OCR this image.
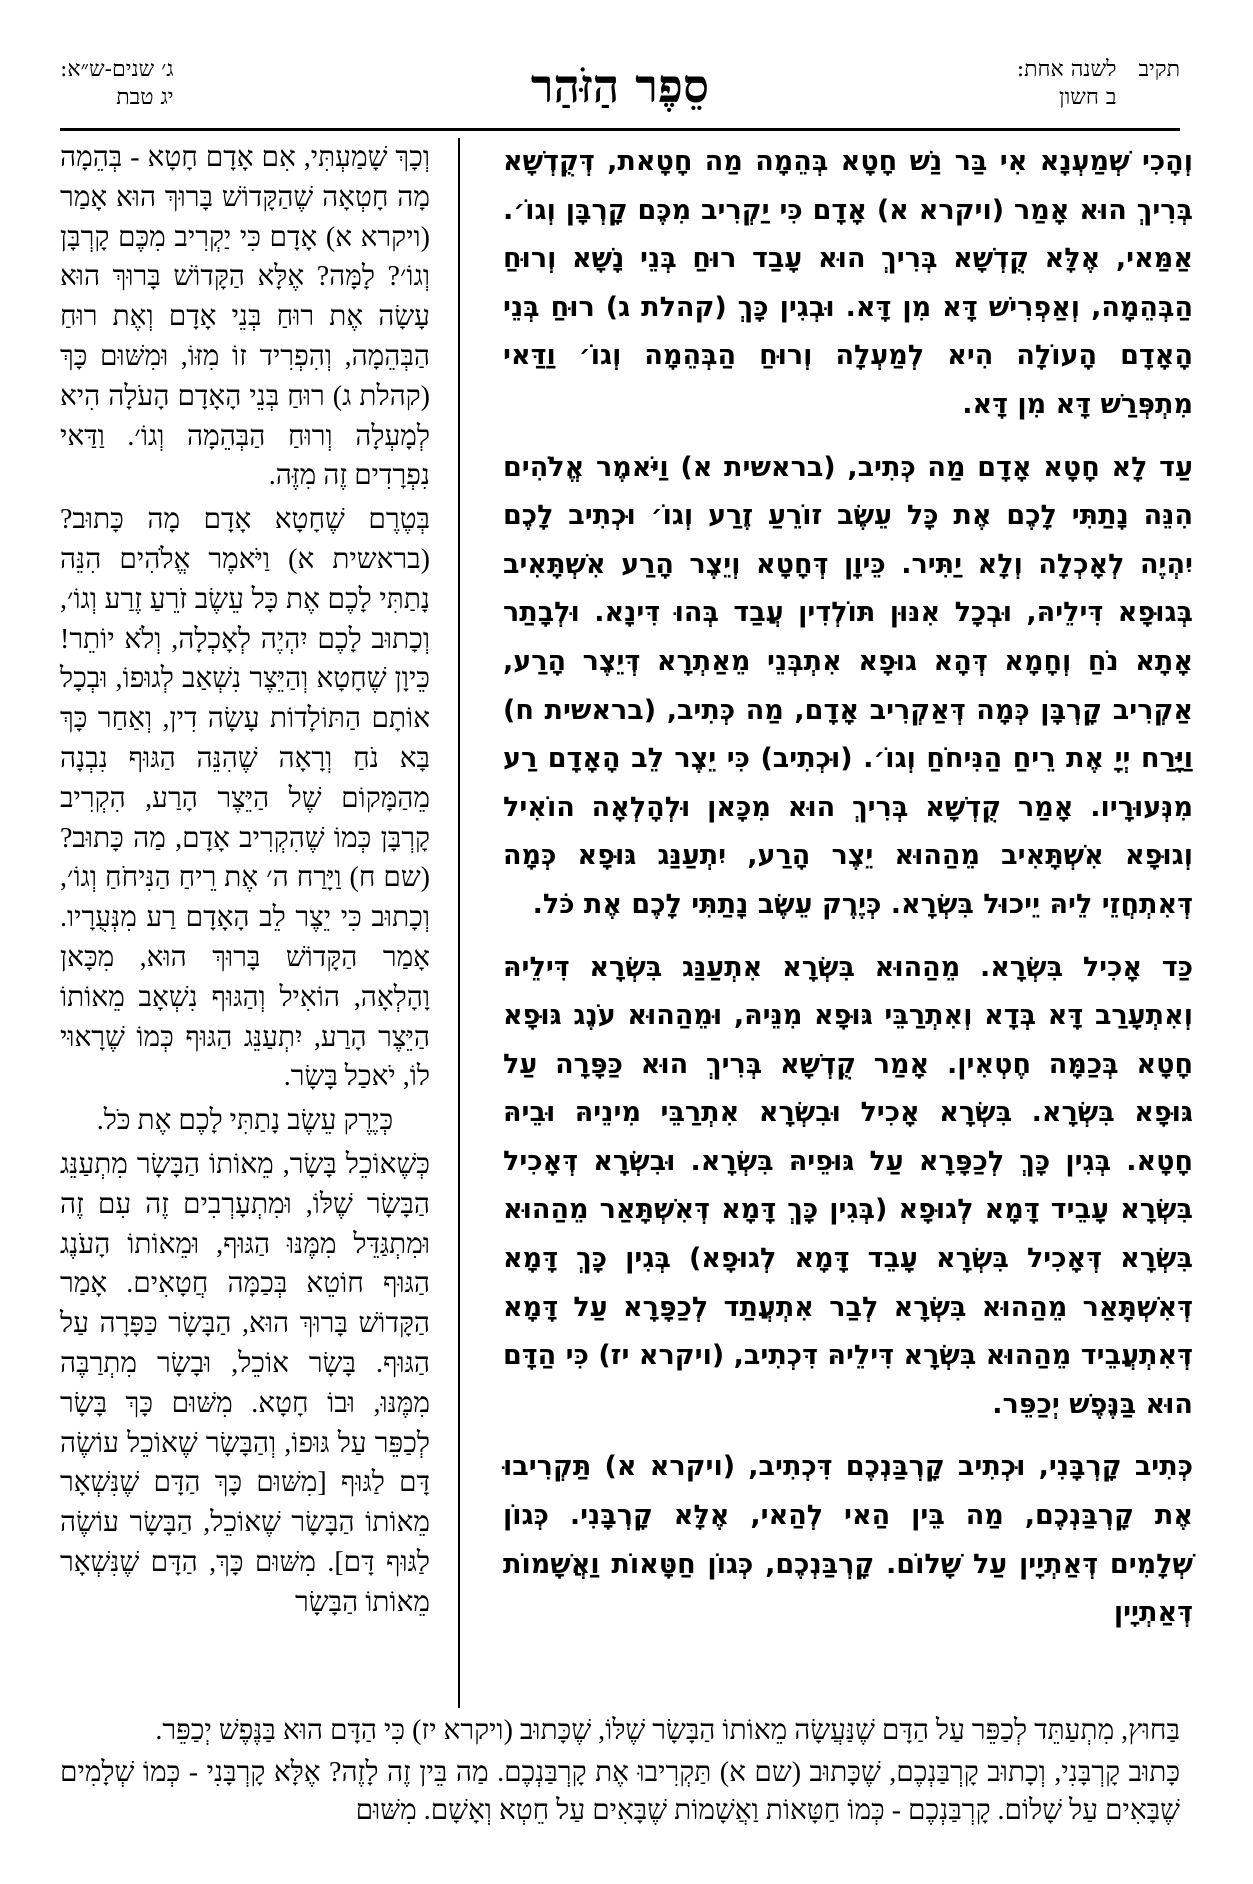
תקיב
לשנה אחת:
ב חשון
סֵפֶר הַזֹּהַר
ג׳ שנים-ש״א:
יג טבת

וְהָכִי שְׁמַעְנָא אִי בַּר נַשׁ חָטָא בְּהֵמָה מַה חָטָאת, דְּקֻדְשָׁא בְּרִיךְ הוּא אָמַר (ויקרא א) אָדָם כִּי יַקְרִיב מִכֶּם קָרְבָּן וְגוֹ׳. אַמַּאי, אֶלָּא קֻדְשָׁא בְּרִיךְ הוּא עָבַד רוּחַ בְּנֵי נָשָׁא וְרוּחַ הַבְּהֵמָה, וְאַפְרִישׁ דָּא מִן דָּא. וּבְגִין כָּךְ (קהלת ג) רוּחַ בְּנֵי הָאָדָם הָעוֹלָה הִיא לְמַעְלָה וְרוּחַ הַבְּהֵמָה וְגוֹ׳ וַדַּאי מִתְפְּרַשׁ דָּא מִן דָּא.

עַד לָא חָטָא אָדָם מַה כְּתִיב, (בראשית א) וַיֹּאמֶר אֱלֹהִים הִנֵּה נָתַתִּי לָכֶם אֶת כָּל עֵשֶׂב זוֹרֵעַ זֶרַע וְגוֹ׳ וּכְתִיב לָכֶם יִהְיֶה לְאָכְלָה וְלָא יַתִּיר. כֵּיוָן דְּחָטָא וְיֵצֶר הָרַע אִשְׁתָּאִיב בְּגוּפָא דִּילֵיהּ, וּבְכָל אִנּוּן תּוֹלְדִין עֲבַד בְּהוּ דִּינָא. וּלְבָתַר אָתָא נֹחַ וְחָמָא דְּהָא גוּפָא אִתְבְּנֵי מֵאַתְרָא דְּיֵצֶר הָרַע, אַקְרִיב קָרְבָּן כְּמָה דְּאַקְרִיב אָדָם, מַה כְּתִיב, (בראשית ח) וַיָּרַח יְיָ אֶת רֵיחַ הַנִּיחֹחַ וְגוֹ׳. (וּכְתִיב) כִּי יֵצֶר לֵב הָאָדָם רַע מִנְּעוּרָיו. אָמַר קֻדְשָׁא בְּרִיךְ הוּא מִכָּאן וּלְהָלְאָה הוֹאִיל וְגוּפָא אִשְׁתָּאִיב מֵהַהוּא יֵצֶר הָרַע, יִתְעַנַּג גּוּפָא כְּמָה דְּאִתְחֲזֵי לֵיהּ יֵיכוּל בִּשְׂרָא. כְּיֶרֶק עֵשֶׂב נָתַתִּי לָכֶם אֶת כֹּל.

כַּד אָכִיל בִּשְׂרָא. מֵהַהוּא בִּשְׂרָא אִתְעַנַּג בִּשְׂרָא דִּילֵיהּ וְאִתְעָרַב דָּא בְּדָא וְאִתְרַבֵּי גּוּפָא מִנֵּיהּ, וּמֵהַהוּא עֹנֶג גּוּפָא חָטָא בְּכַמָּה חֶטְאִין. אָמַר קֻדְשָׁא בְּרִיךְ הוּא כַּפָּרָה עַל גּוּפָא בִּשְׂרָא. בִּשְׂרָא אָכִיל וּבִשְׂרָא אִתְרַבֵּי מִינֵיהּ וּבֵיהּ חָטָא. בְּגִין כָּךְ לְכַפָּרָא עַל גּוּפֵיהּ בִּשְׂרָא. וּבִשְׂרָא דְּאָכִיל בִּשְׂרָא עָבֵיד דָּמָא לְגוּפָא (בְּגִין כָּךְ דָּמָא דְּאִשְׁתָּאַר מֵהַהוּא בִּשְׂרָא דְּאָכִיל בִּשְׂרָא עָבֵד דָּמָא לְגוּפָא) בְּגִין כָּךְ דָּמָא דְּאִשְׁתָּאַר מֵהַהוּא בִּשְׂרָא לְבַר אִתְעֲתַד לְכַפָּרָא עַל דָּמָא דְּאִתְעֲבֵיד מֵהַהוּא בִּשְׂרָא דִּילֵיהּ דִּכְתִיב, (ויקרא יז) כִּי הַדָּם הוּא בַּנֶּפֶשׁ יְכַפֵּר.

כְּתִיב קָרְבָּנִי, וּכְתִיב קָרְבַּנְכֶם דִּכְתִיב, (ויקרא א) תַּקְרִיבוּ אֶת קָרְבַּנְכֶם, מַה בֵּין הַאי לְהַאי, אֶלָּא קָרְבָּנִי. כְּגוֹן שְׁלָמִים דְּאַתְיָין עַל שָׁלוֹם. קָרְבַּנְכֶם, כְּגוֹן חַטָּאוֹת וַאֲשָׁמוֹת דְּאַתְיָין

וְכָךְ שָׁמַעְתִּי, אִם אָדָם חָטָא - בְּהֵמָה מָה חָטְאָה שֶׁהַקָּדוֹשׁ בָּרוּךְ הוּא אָמַר (ויקרא א) אָדָם כִּי יַקְרִיב מִכֶּם קָרְבָּן וְגוֹ׳? לָמָּה? אֶלָּא הַקָּדוֹשׁ בָּרוּךְ הוּא עָשָׂה אֶת רוּחַ בְּנֵי אָדָם וְאֶת רוּחַ הַבְּהֵמָה, וְהִפְרִיד זוֹ מִזּוֹ, וּמִשּׁוּם כָּךְ (קהלת ג) רוּחַ בְּנֵי הָאָדָם הָעֹלָה הִיא לְמָעְלָה וְרוּחַ הַבְּהֵמָה וְגוֹ׳. וַדַּאי נִפְרָדִים זֶה מִזֶּה.

בְּטֶרֶם שֶׁחָטָא אָדָם מָה כָּתוּב? (בראשית א) וַיֹּאמֶר אֱלֹהִים הִנֵּה נָתַתִּי לָכֶם אֶת כָּל עֵשֶׂב זֹרֵעַ זֶרַע וְגוֹ׳, וְכָתוּב לָכֶם יִהְיֶה לְאָכְלָה, וְלֹא יוֹתֵר! כֵּיוָן שֶׁחָטָא וְהַיֵּצֶר נִשְׁאַב לְגוּפוֹ, וּבְכָל אוֹתָם הַתּוֹלָדוֹת עָשָׂה דִין, וְאַחַר כָּךְ בָּא נֹחַ וְרָאָה שֶׁהִנֵּה הַגּוּף נִבְנָה מֵהַמָּקוֹם שֶׁל הַיֵּצֶר הָרַע, הִקְרִיב קָרְבָּן כְּמוֹ שֶׁהִקְרִיב אָדָם, מַה כָּתוּב? (שם ח) וַיָּרַח ה׳ אֶת רֵיחַ הַנִּיחֹחַ וְגוֹ׳, וְכָתוּב כִּי יֵצֶר לֵב הָאָדָם רַע מִנְּעֻרָיו. אָמַר הַקָּדוֹשׁ בָּרוּךְ הוּא, מִכָּאן וָהָלְאָה, הוֹאִיל וְהַגּוּף נִשְׁאָב מֵאוֹתוֹ הַיֵּצֶר הָרַע, יִתְעַנֵּג הַגּוּף כְּמוֹ שֶׁרָאוּי לוֹ, יֹאכַל בָּשָׂר.

כְּיֶרֶק עֵשֶׂב נָתַתִּי לָכֶם אֶת כֹּל.

כְּשֶׁאוֹכֵל בָּשָׂר, מֵאוֹתוֹ הַבָּשָׂר מִתְעַנֵּג הַבָּשָׂר שֶׁלּוֹ, וּמִתְעָרְבִים זֶה עִם זֶה וּמִתְגַּדֵּל מִמֶּנּוּ הַגּוּף, וּמֵאוֹתוֹ הָעֹנֶג הַגּוּף חוֹטֵא בְּכַמָּה חֲטָאִים. אָמַר הַקָּדוֹשׁ בָּרוּךְ הוּא, הַבָּשָׂר כַּפָּרָה עַל הַגּוּף. בָּשָׂר אוֹכֵל, וּבָשָׂר מִתְרַבֶּה מִמֶּנּוּ, וּבוֹ חָטָא. מִשּׁוּם כָּךְ בָּשָׂר לְכַפֵּר עַל גּוּפוֹ, וְהַבָּשָׂר שֶׁאוֹכֵל עוֹשֶׂה דָּם לַגּוּף [מִשּׁוּם כָּךְ הַדָּם שֶׁנִּשְׁאָר מֵאוֹתוֹ הַבָּשָׂר שֶׁאוֹכֵל, הַבָּשָׂר עוֹשֶׂה לַגּוּף דָּם]. מִשּׁוּם כָּךְ, הַדָּם שֶׁנִּשְׁאָר מֵאוֹתוֹ הַבָּשָׂר

בַּחוּץ, מִתְעַתֵּד לְכַפֵּר עַל הַדָּם שֶׁנַּעֲשָׂה מֵאוֹתוֹ הַבָּשָׂר שֶׁלּוֹ, שֶׁכָּתוּב (ויקרא יז) כִּי הַדָּם הוּא בַּנֶּפֶשׁ יְכַפֵּר.

כָּתוּב קָרְבָּנִי, וְכָתוּב קָרְבַּנְכֶם, שֶׁכָּתוּב (שם א) תַּקְרִיבוּ אֶת קָרְבַּנְכֶם. מַה בֵּין זֶה לָזֶה? אֶלָּא קָרְבָּנִי - כְּמוֹ שְׁלָמִים שֶׁבָּאִים עַל שָׁלוֹם. קָרְבַּנְכֶם - כְּמוֹ חַטָּאוֹת וַאֲשָׁמוֹת שֶׁבָּאִים עַל חֵטְא וְאָשָׁם. מִשּׁוּם
